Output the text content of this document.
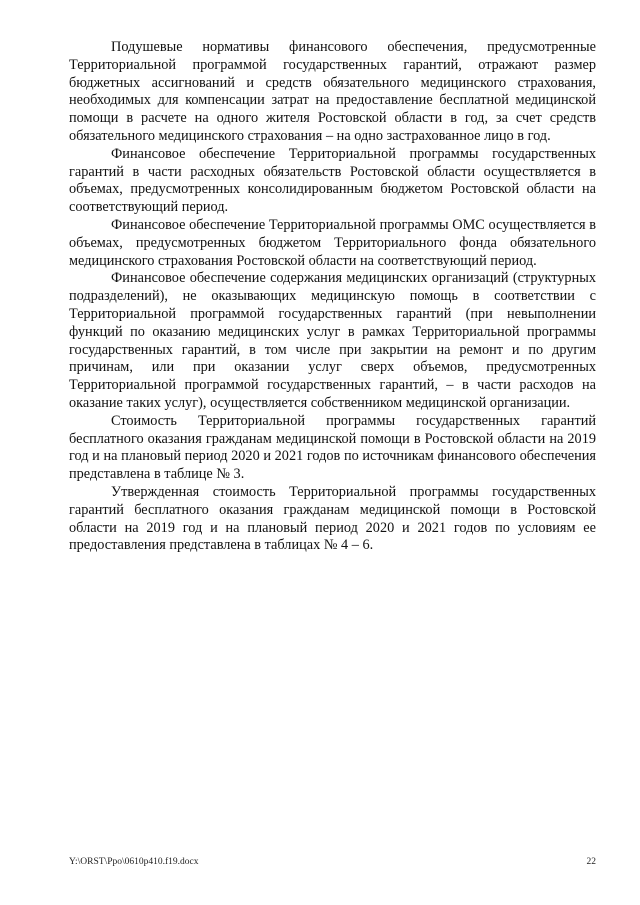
Подушевые нормативы финансового обеспечения, предусмотренные Территориальной программой государственных гарантий, отражают размер бюджетных ассигнований и средств обязательного медицинского страхования, необходимых для компенсации затрат на предоставление бесплатной медицинской помощи в расчете на одного жителя Ростовской области в год, за счет средств обязательного медицинского страхования – на одно застрахованное лицо в год.

Финансовое обеспечение Территориальной программы государственных гарантий в части расходных обязательств Ростовской области осуществляется в объемах, предусмотренных консолидированным бюджетом Ростовской области на соответствующий период.

Финансовое обеспечение Территориальной программы ОМС осуществляется в объемах, предусмотренных бюджетом Территориального фонда обязательного медицинского страхования Ростовской области на соответствующий период.

Финансовое обеспечение содержания медицинских организаций (структурных подразделений), не оказывающих медицинскую помощь в соответствии с Территориальной программой государственных гарантий (при невыполнении функций по оказанию медицинских услуг в рамках Территориальной программы государственных гарантий, в том числе при закрытии на ремонт и по другим причинам, или при оказании услуг сверх объемов, предусмотренных Территориальной программой государственных гарантий, – в части расходов на оказание таких услуг), осуществляется собственником медицинской организации.

Стоимость Территориальной программы государственных гарантий бесплатного оказания гражданам медицинской помощи в Ростовской области на 2019 год и на плановый период 2020 и 2021 годов по источникам финансового обеспечения представлена в таблице № 3.

Утвержденная стоимость Территориальной программы государственных гарантий бесплатного оказания гражданам медицинской помощи в Ростовской области на 2019 год и на плановый период 2020 и 2021 годов по условиям ее предоставления представлена в таблицах № 4 – 6.

Y:\ORST\Ppo\0610p410.f19.docx	22
